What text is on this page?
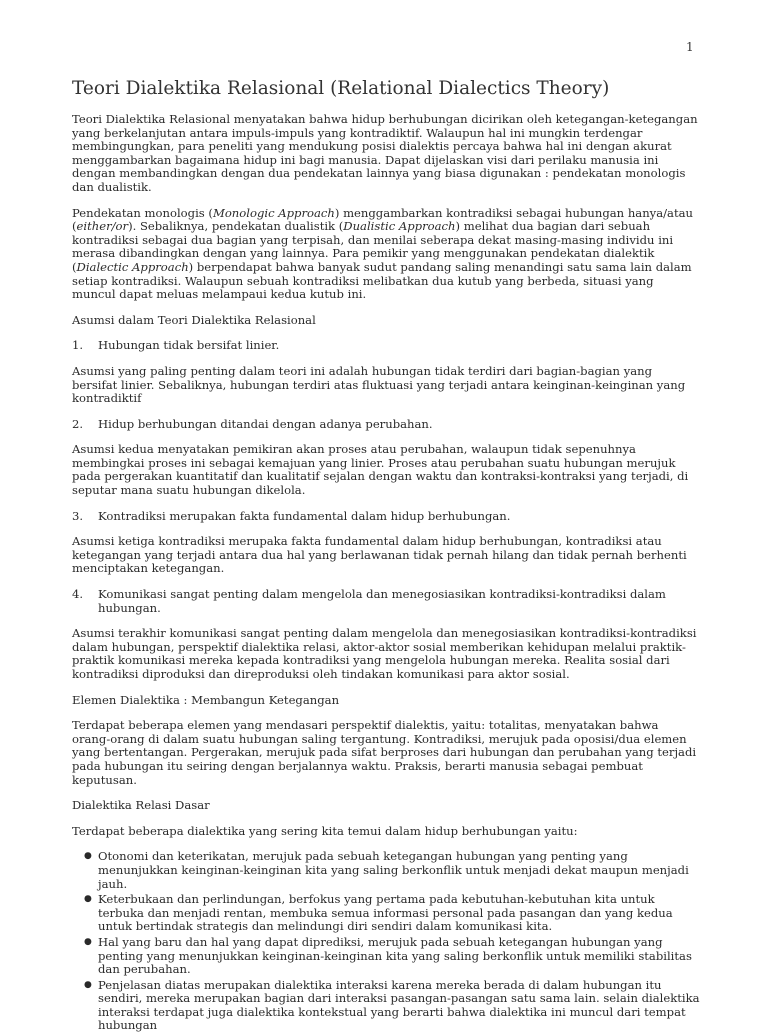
1
Teori Dialektika Relasional (Relational Dialectics Theory)

Teori Dialektika Relasional menyatakan bahwa hidup berhubungan dicirikan oleh ketegangan-ketegangan yang berkelanjutan antara impuls-impuls yang kontradiktif. Walaupun hal ini mungkin terdengar membingungkan, para peneliti yang mendukung posisi dialektis percaya bahwa hal ini dengan akurat menggambarkan bagaimana hidup ini bagi manusia. Dapat dijelaskan visi dari perilaku manusia ini dengan membandingkan dengan dua pendekatan lainnya yang biasa digunakan : pendekatan monologis dan dualistik.

Pendekatan monologis (Monologic Approach) menggambarkan kontradiksi sebagai hubungan hanya/atau (either/or). Sebaliknya, pendekatan dualistik (Dualistic Approach) melihat dua bagian dari sebuah kontradiksi sebagai dua bagian yang terpisah, dan menilai seberapa dekat masing-masing individu ini merasa dibandingkan dengan yang lainnya. Para pemikir yang menggunakan pendekatan dialektik (Dialectic Approach) berpendapat bahwa banyak sudut pandang saling menandingi satu sama lain dalam setiap kontradiksi. Walaupun sebuah kontradiksi melibatkan dua kutub yang berbeda, situasi yang muncul dapat meluas melampaui kedua kutub ini.

Asumsi dalam Teori Dialektika Relasional
1.	Hubungan tidak bersifat linier.

Asumsi yang paling penting dalam teori ini adalah hubungan tidak terdiri dari bagian-bagian yang bersifat linier. Sebaliknya, hubungan terdiri atas fluktuasi yang terjadi antara keinginan-keinginan yang kontradiktif

2.	Hidup berhubungan ditandai dengan adanya perubahan.

Asumsi kedua menyatakan pemikiran akan proses atau perubahan, walaupun tidak sepenuhnya membingkai proses ini sebagai kemajuan yang linier. Proses atau perubahan suatu hubungan merujuk pada pergerakan kuantitatif dan kualitatif sejalan dengan waktu dan kontraksi-kontraksi yang terjadi, di seputar mana suatu hubungan dikelola.

3.	Kontradiksi merupakan fakta fundamental dalam hidup berhubungan.

Asumsi ketiga kontradiksi merupaka fakta fundamental dalam hidup berhubungan, kontradiksi atau ketegangan yang terjadi antara dua hal yang berlawanan tidak pernah hilang dan tidak pernah berhenti menciptakan ketegangan.

4.	Komunikasi sangat penting dalam mengelola dan menegosiasikan kontradiksi-kontradiksi dalam hubungan.

Asumsi terakhir komunikasi sangat penting dalam mengelola dan menegosiasikan kontradiksi-kontradiksi dalam hubungan, perspektif dialektika relasi, aktor-aktor sosial memberikan kehidupan melalui praktik-praktik komunikasi mereka kepada kontradiksi yang mengelola hubungan mereka. Realita sosial dari kontradiksi diproduksi dan direproduksi oleh tindakan komunikasi para aktor sosial.

Elemen Dialektika : Membangun Ketegangan

Terdapat beberapa elemen yang mendasari perspektif dialektis, yaitu: totalitas, menyatakan bahwa orang-orang di dalam suatu hubungan saling tergantung. Kontradiksi, merujuk pada oposisi/dua elemen yang bertentangan. Pergerakan, merujuk pada sifat berproses dari hubungan dan perubahan yang terjadi pada hubungan itu seiring dengan berjalannya waktu. Praksis, berarti manusia sebagai pembuat keputusan.

Dialektika Relasi Dasar

Terdapat beberapa dialektika yang sering kita temui dalam hidup berhubungan yaitu:

● Otonomi dan keterikatan, merujuk pada sebuah ketegangan hubungan yang penting yang menunjukkan keinginan-keinginan kita yang saling berkonflik untuk menjadi dekat maupun menjadi jauh.
● Keterbukaan dan perlindungan, berfokus yang pertama pada kebutuhan-kebutuhan kita untuk terbuka dan menjadi rentan, membuka semua informasi personal pada pasangan dan yang kedua untuk bertindak strategis dan melindungi diri sendiri dalam komunikasi kita.
● Hal yang baru dan hal yang dapat diprediksi, merujuk pada sebuah ketegangan hubungan yang penting yang menunjukkan keinginan-keinginan kita yang saling berkonflik untuk memiliki stabilitas dan perubahan.
● Penjelasan diatas merupakan dialektika interaksi karena mereka berada di dalam hubungan itu sendiri, mereka merupakan bagian dari interaksi pasangan-pasangan satu sama lain. selain dialektika interaksi terdapat juga dialektika kontekstual yang berarti bahwa dialektika ini muncul dari tempat hubungan
